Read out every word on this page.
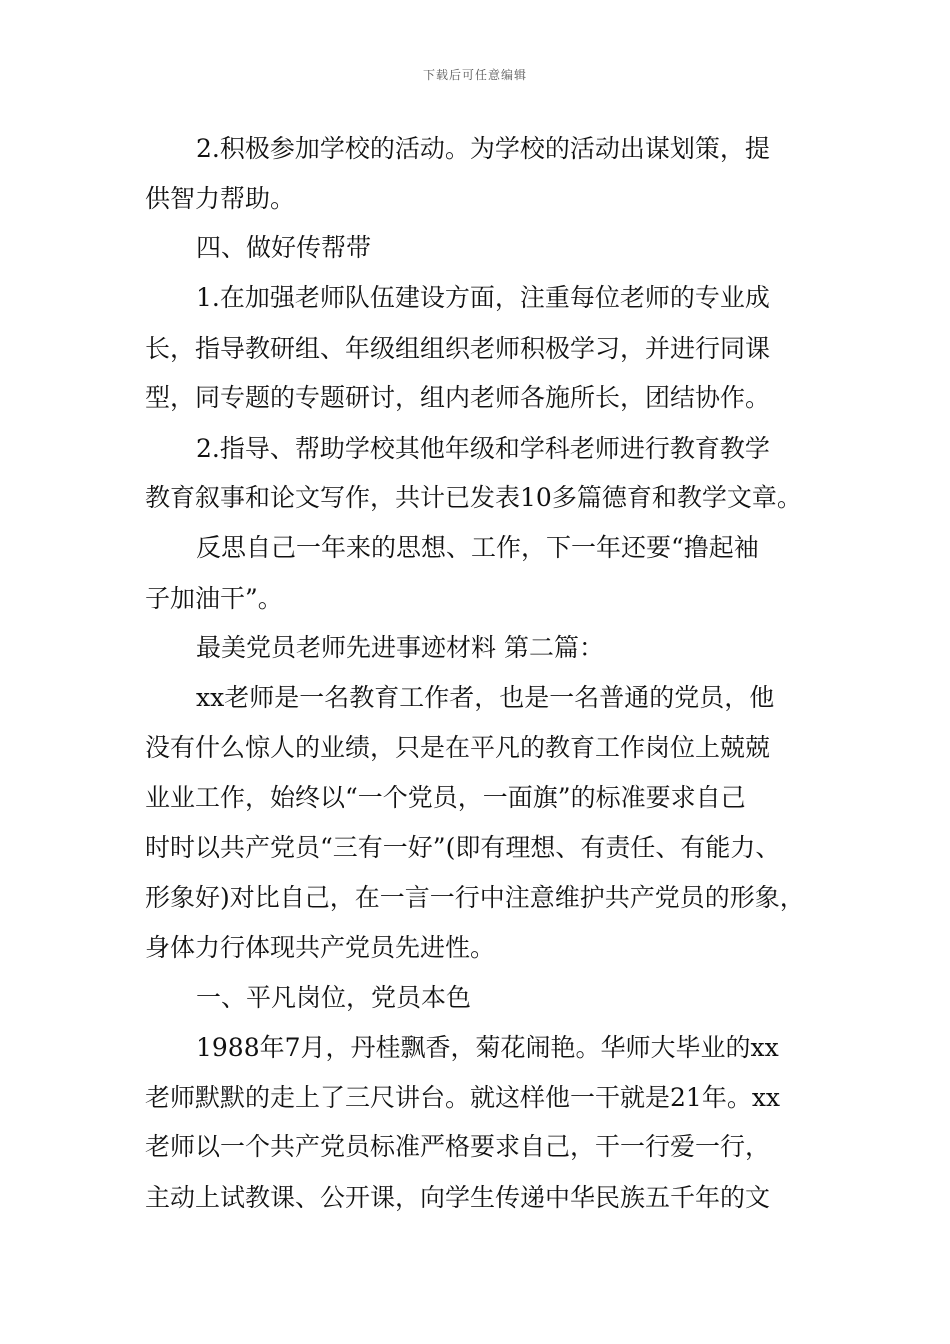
下载后可任意编辑
2.积极参加学校的活动。为学校的活动出谋划策，提
供智力帮助。
四、做好传帮带
1.在加强老师队伍建设方面，注重每位老师的专业成
长，指导教研组、年级组组织老师积极学习，并进行同课
型，同专题的专题研讨，组内老师各施所长，团结协作。
2.指导、帮助学校其他年级和学科老师进行教育教学
教育叙事和论文写作，共计已发表10多篇德育和教学文章。
反思自己一年来的思想、工作，下一年还要“撸起袖
子加油干”。
最美党员老师先进事迹材料 第二篇：
xx老师是一名教育工作者，也是一名普通的党员，他
没有什么惊人的业绩，只是在平凡的教育工作岗位上兢兢
业业工作，始终以“一个党员，一面旗”的标准要求自己
时时以共产党员“三有一好”(即有理想、有责任、有能力、
形象好)对比自己，在一言一行中注意维护共产党员的形象，
身体力行体现共产党员先进性。
一、平凡岗位，党员本色
1988年7月，丹桂飘香，菊花闹艳。华师大毕业的xx
老师默默的走上了三尺讲台。就这样他一干就是21年。xx
老师以一个共产党员标准严格要求自己，干一行爱一行，
主动上试教课、公开课，向学生传递中华民族五千年的文
